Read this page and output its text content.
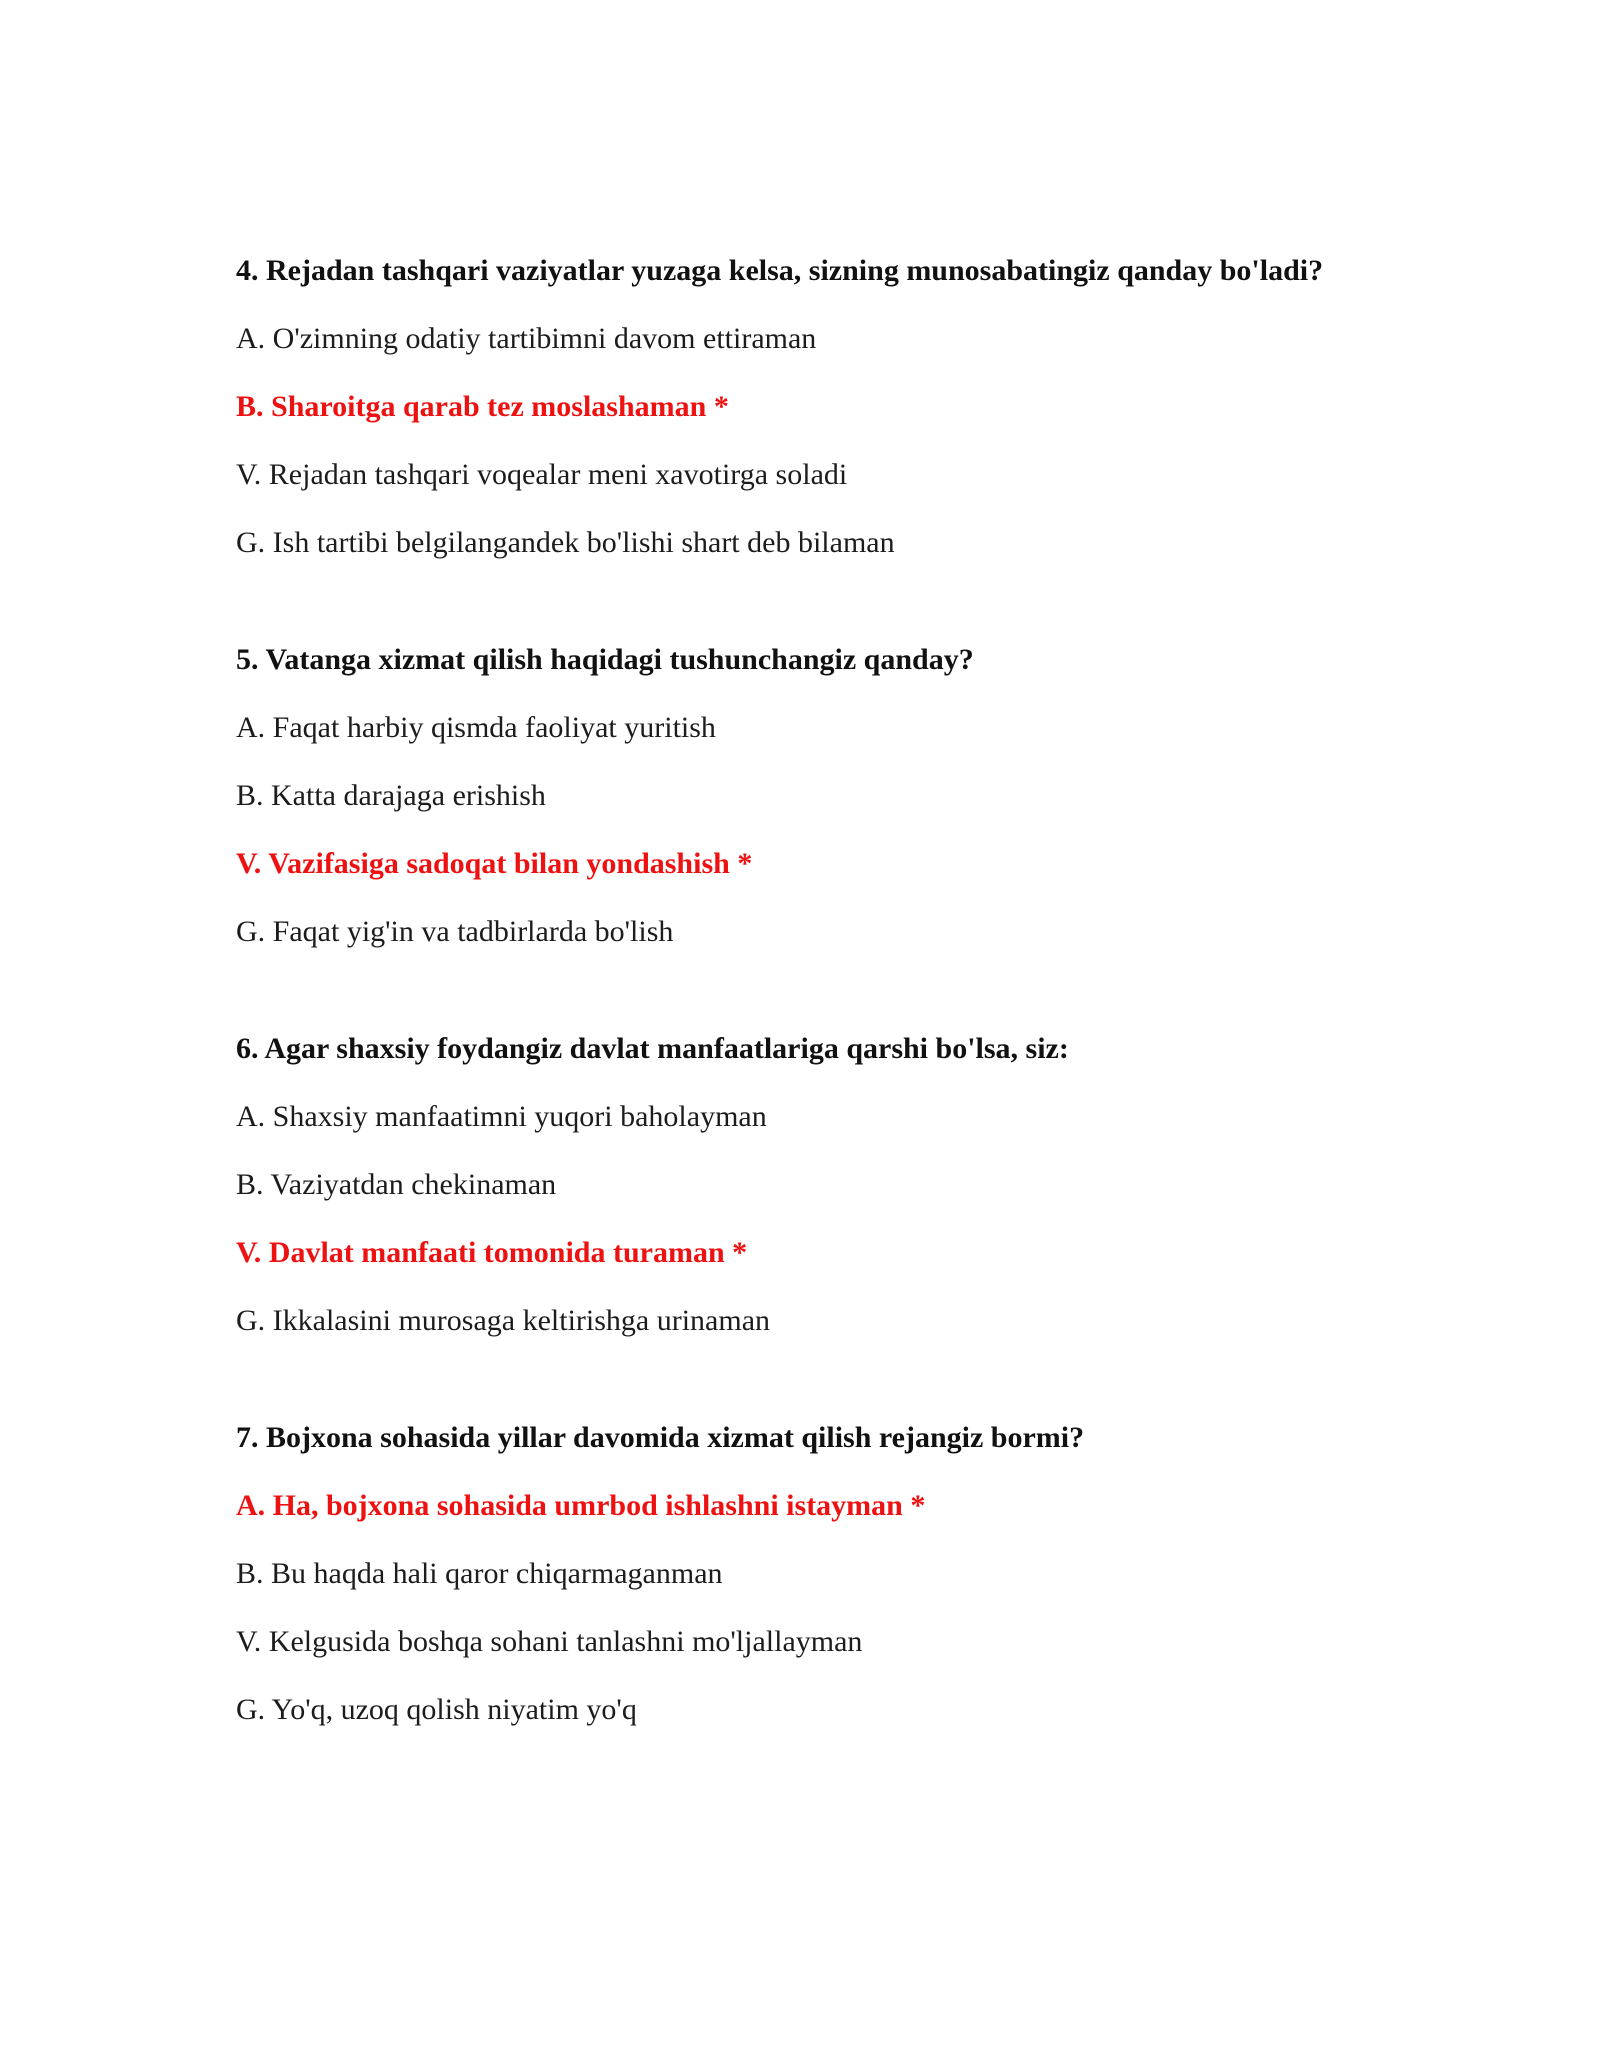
4. Rejadan tashqari vaziyatlar yuzaga kelsa, sizning munosabatingiz qanday bo'ladi?
A. O'zimning odatiy tartibimni davom ettiraman
B. Sharoitga qarab tez moslashaman *
V. Rejadan tashqari voqealar meni xavotirga soladi
G. Ish tartibi belgilangandek bo'lishi shart deb bilaman
5. Vatanga xizmat qilish haqidagi tushunchangiz qanday?
A. Faqat harbiy qismda faoliyat yuritish
B. Katta darajaga erishish
V. Vazifasiga sadoqat bilan yondashish *
G. Faqat yig'in va tadbirlarda bo'lish
6. Agar shaxsiy foydangiz davlat manfaatlariga qarshi bo'lsa, siz:
A. Shaxsiy manfaatimni yuqori baholayman
B. Vaziyatdan chekinaman
V. Davlat manfaati tomonida turaman *
G. Ikkalasini murosaga keltirishga urinaman
7. Bojxona sohasida yillar davomida xizmat qilish rejangiz bormi?
A. Ha, bojxona sohasida umrbod ishlashni istayman *
B. Bu haqda hali qaror chiqarmaganman
V. Kelgusida boshqa sohani tanlashni mo'ljallayman
G. Yo'q, uzoq qolish niyatim yo'q
